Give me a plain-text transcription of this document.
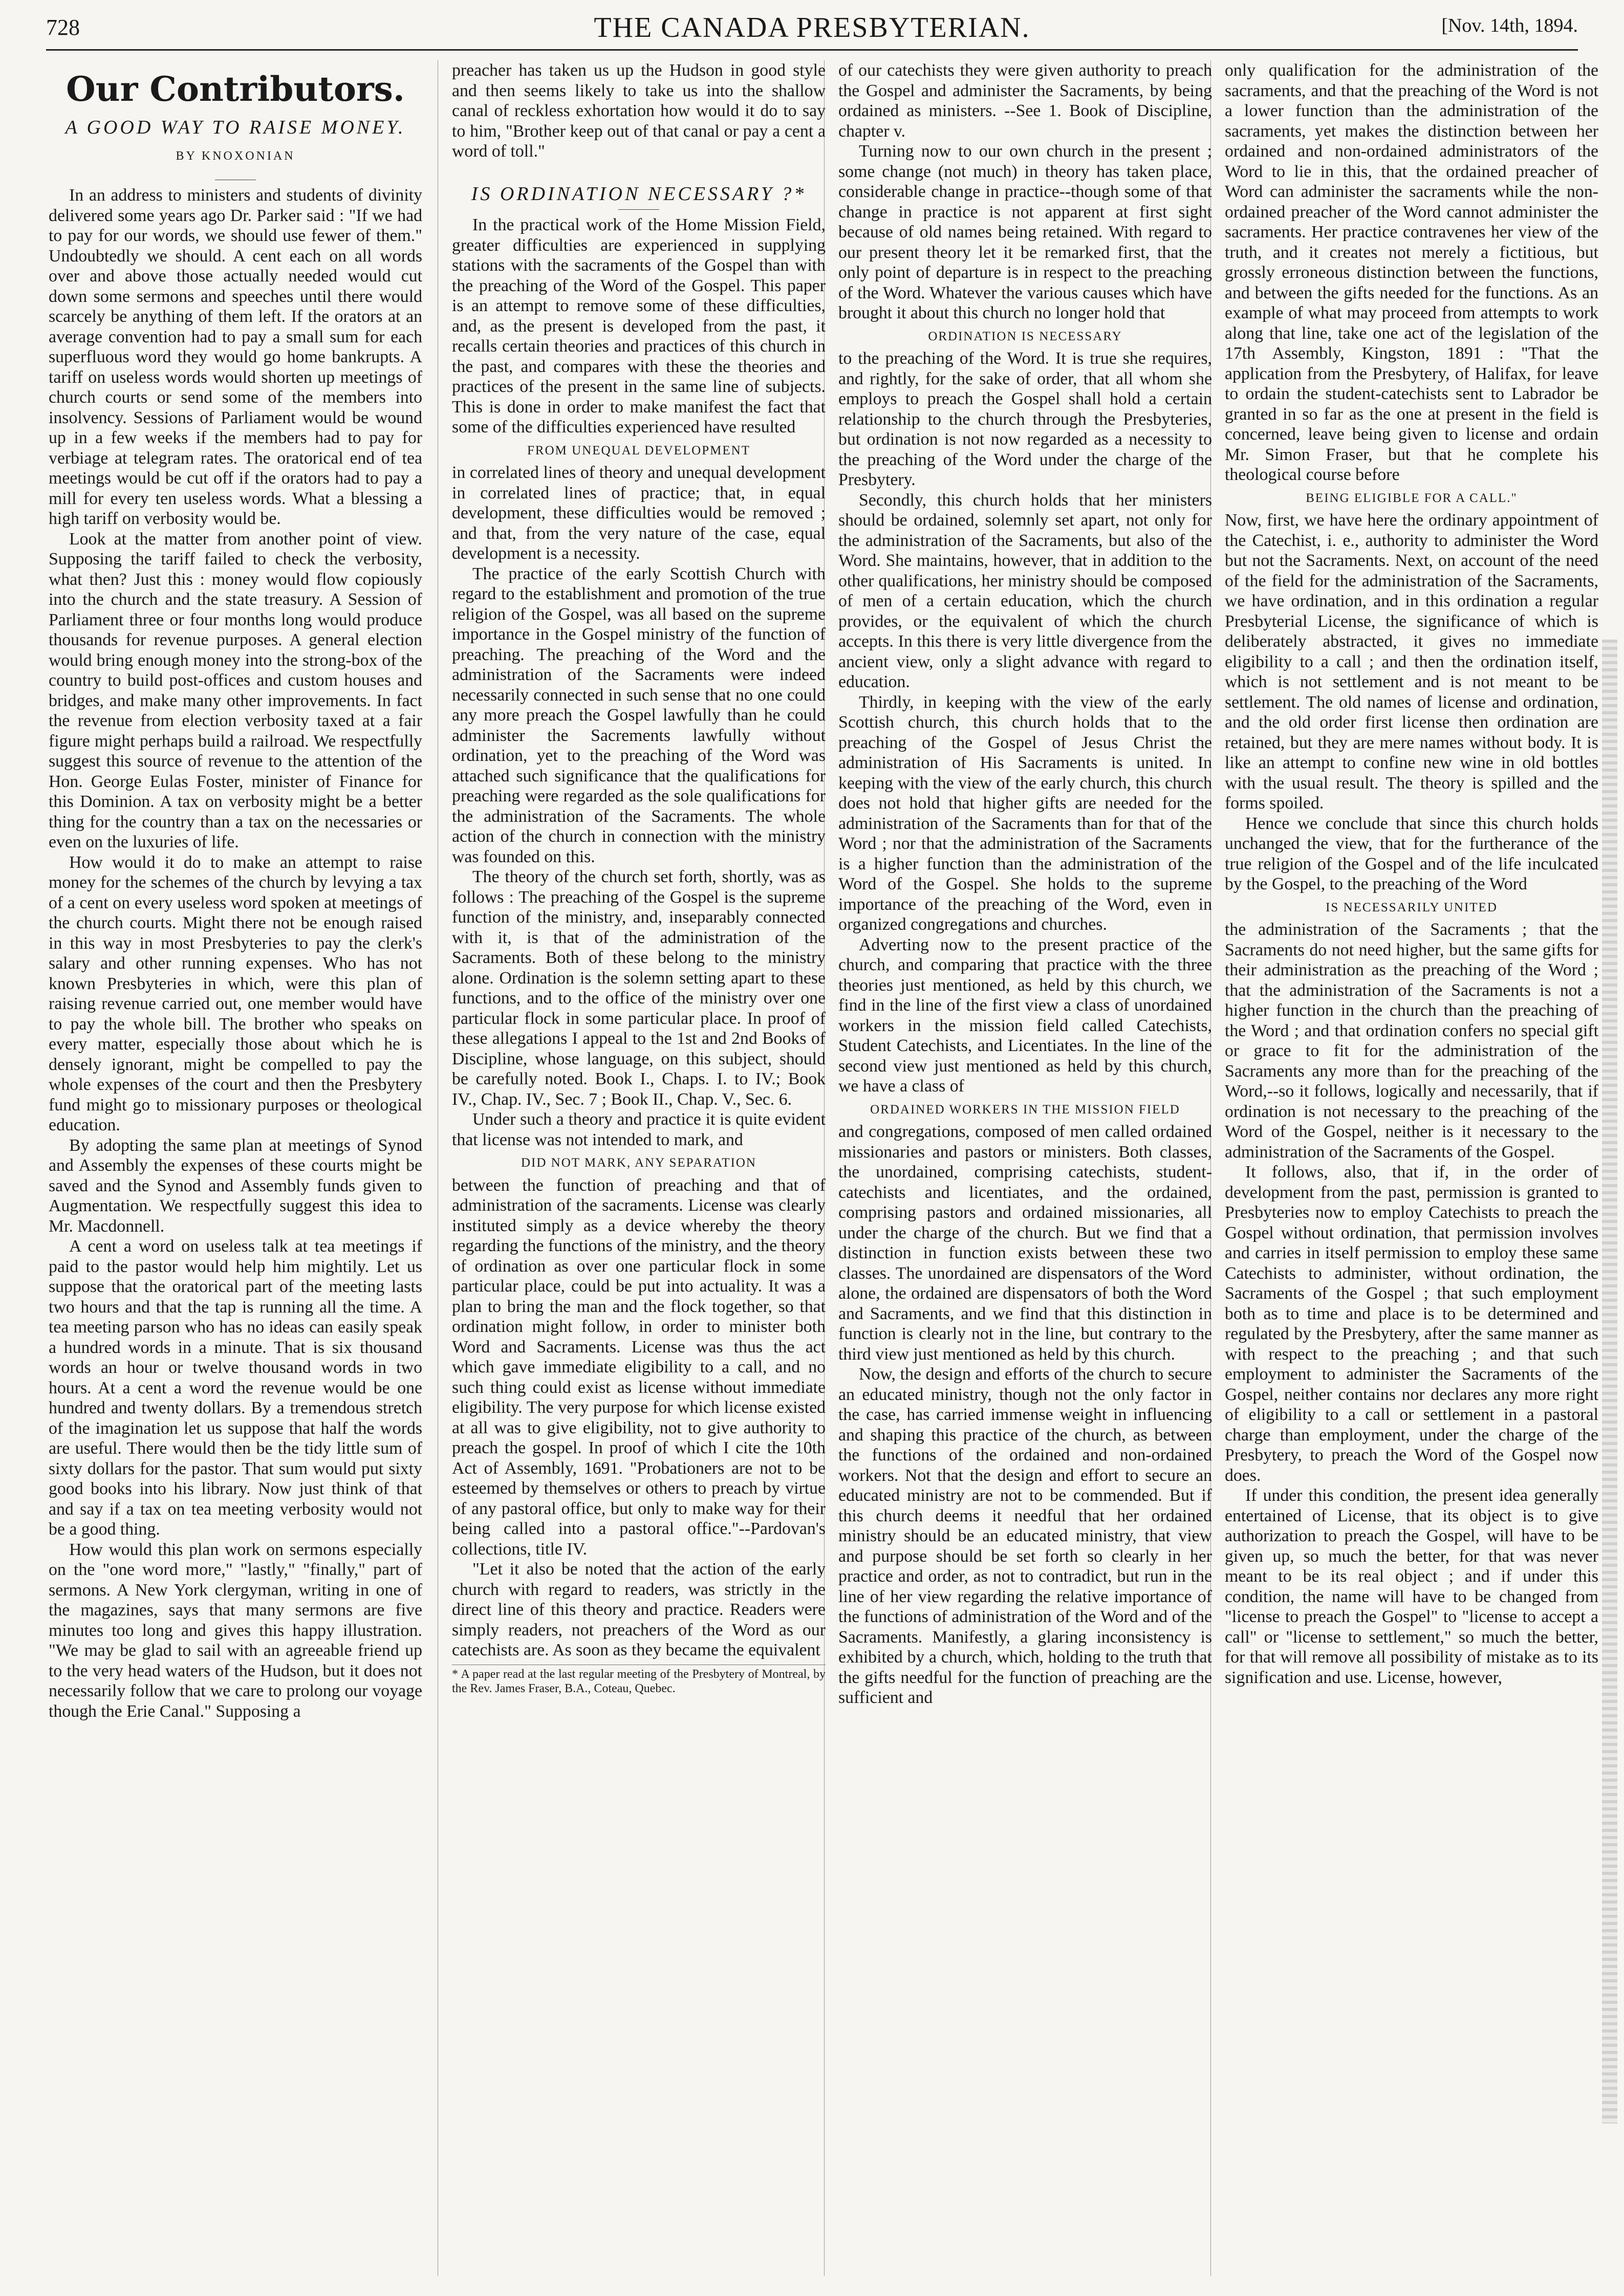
728	THE CANADA PRESBYTERIAN.	[Nov. 14th, 1894.
Our Contributors.
A GOOD WAY TO RAISE MONEY.
BY KNOXONIAN

In an address to ministers and students of divinity delivered some years ago Dr. Parker said : "If we had to pay for our words, we should use fewer of them." Undoubtedly we should. A cent each on all words over and above those actually needed would cut down some sermons and speeches until there would scarcely be anything of them left. If the orators at an average convention had to pay a small sum for each superfluous word they would go home bankrupts. A tariff on useless words would shorten up meetings of church courts or send some of the members into insolvency. Sessions of Parliament would be wound up in a few weeks if the members had to pay for verbiage at telegram rates. The oratorical end of tea meetings would be cut off if the orators had to pay a mill for every ten useless words. What a blessing a high tariff on verbosity would be.

Look at the matter from another point of view. Supposing the tariff failed to check the verbosity, what then? Just this : money would flow copiously into the church and the state treasury. A Session of Parliament three or four months long would produce thousands for revenue purposes. A general election would bring enough money into the strong-box of the country to build post-offices and custom houses and bridges, and make many other improvements. In fact the revenue from election verbosity taxed at a fair figure might perhaps build a railroad. We respectfully suggest this source of revenue to the attention of the Hon. George Eulas Foster, minister of Finance for this Dominion. A tax on verbosity might be a better thing for the country than a tax on the necessaries or even on the luxuries of life.

How would it do to make an attempt to raise money for the schemes of the church by levying a tax of a cent on every useless word spoken at meetings of the church courts. Might there not be enough raised in this way in most Presbyteries to pay the clerk's salary and other running expenses. Who has not known Presbyteries in which, were this plan of raising revenue carried out, one member would have to pay the whole bill. The brother who speaks on every matter, especially those about which he is densely ignorant, might be compelled to pay the whole expenses of the court and then the Presbytery fund might go to missionary purposes or theological education.

By adopting the same plan at meetings of Synod and Assembly the expenses of these courts might be saved and the Synod and Assembly funds given to Augmentation. We respectfully suggest this idea to Mr. Macdonnell.

A cent a word on useless talk at tea meetings if paid to the pastor would help him mightily. Let us suppose that the oratorical part of the meeting lasts two hours and that the tap is running all the time. A tea meeting parson who has no ideas can easily speak a hundred words in a minute. That is six thousand words an hour or twelve thousand words in two hours. At a cent a word the revenue would be one hundred and twenty dollars. By a tremendous stretch of the imagination let us suppose that half the words are useful. There would then be the tidy little sum of sixty dollars for the pastor. That sum would put sixty good books into his library. Now just think of that and say if a tax on tea meeting verbosity would not be a good thing.

How would this plan work on sermons especially on the "one word more," "lastly," "finally," part of sermons. A New York clergyman, writing in one of the magazines, says that many sermons are five minutes too long and gives this happy illustration. "We may be glad to sail with an agreeable friend up to the very head waters of the Hudson, but it does not necessarily follow that we care to prolong our voyage though the Erie Canal." Supposing a

preacher has taken us up the Hudson in good style and then seems likely to take us into the shallow canal of reckless exhortation how would it do to say to him, "Brother keep out of that canal or pay a cent a word of toll."

IS ORDINATION NECESSARY ?*

In the practical work of the Home Mission Field, greater difficulties are experienced in supplying stations with the sacraments of the Gospel than with the preaching of the Word of the Gospel. This paper is an attempt to remove some of these difficulties, and, as the present is developed from the past, it recalls certain theories and practices of this church in the past, and compares with these the theories and practices of the present in the same line of subjects. This is done in order to make manifest the fact that some of the difficulties experienced have resulted

FROM UNEQUAL DEVELOPMENT

in correlated lines of theory and unequal development in correlated lines of practice; that, in equal development, these difficulties would be removed ; and that, from the very nature of the case, equal development is a necessity.

The practice of the early Scottish Church with regard to the establishment and promotion of the true religion of the Gospel, was all based on the supreme importance in the Gospel ministry of the function of preaching. The preaching of the Word and the administration of the Sacraments were indeed necessarily connected in such sense that no one could any more preach the Gospel lawfully than he could administer the Sacrements lawfully without ordination, yet to the preaching of the Word was attached such significance that the qualifications for preaching were regarded as the sole qualifications for the administration of the Sacraments. The whole action of the church in connection with the ministry was founded on this.

The theory of the church set forth, shortly, was as follows : The preaching of the Gospel is the supreme function of the ministry, and, inseparably connected with it, is that of the administration of the Sacraments. Both of these belong to the ministry alone. Ordination is the solemn setting apart to these functions, and to the office of the ministry over one particular flock in some particular place. In proof of these allegations I appeal to the 1st and 2nd Books of Discipline, whose language, on this subject, should be carefully noted. Book I., Chaps. I. to IV.; Book IV., Chap. IV., Sec. 7 ; Book II., Chap. V., Sec. 6.

Under such a theory and practice it is quite evident that license was not intended to mark, and

DID NOT MARK, ANY SEPARATION

between the function of preaching and that of administration of the sacraments. License was clearly instituted simply as a device whereby the theory regarding the functions of the ministry, and the theory of ordination as over one particular flock in some particular place, could be put into actuality. It was a plan to bring the man and the flock together, so that ordination might follow, in order to minister both Word and Sacraments. License was thus the act which gave immediate eligibility to a call, and no such thing could exist as license without immediate eligibility. The very purpose for which license existed at all was to give eligibility, not to give authority to preach the gospel. In proof of which I cite the 10th Act of Assembly, 1691. "Probationers are not to be esteemed by themselves or others to preach by virtue of any pastoral office, but only to make way for their being called into a pastoral office."--Pardovan's collections, title IV.

"Let it also be noted that the action of the early church with regard to readers, was strictly in the direct line of this theory and practice. Readers were simply readers, not preachers of the Word as our catechists are. As soon as they became the equivalent

* A paper read at the last regular meeting of the Presbytery of Montreal, by the Rev. James Fraser, B.A., Coteau, Quebec.

of our catechists they were given authority to preach the Gospel and administer the Sacraments, by being ordained as ministers. --See 1. Book of Discipline, chapter v.

Turning now to our own church in the present ; some change (not much) in theory has taken place, considerable change in practice--though some of that change in practice is not apparent at first sight because of old names being retained. With regard to our present theory let it be remarked first, that the only point of departure is in respect to the preaching of the Word. Whatever the various causes which have brought it about this church no longer hold that

ORDINATION IS NECESSARY

to the preaching of the Word. It is true she requires, and rightly, for the sake of order, that all whom she employs to preach the Gospel shall hold a certain relationship to the church through the Presbyteries, but ordination is not now regarded as a necessity to the preaching of the Word under the charge of the Presbytery.

Secondly, this church holds that her ministers should be ordained, solemnly set apart, not only for the administration of the Sacraments, but also of the Word. She maintains, however, that in addition to the other qualifications, her ministry should be composed of men of a certain education, which the church provides, or the equivalent of which the church accepts. In this there is very little divergence from the ancient view, only a slight advance with regard to education.

Thirdly, in keeping with the view of the early Scottish church, this church holds that to the preaching of the Gospel of Jesus Christ the administration of His Sacraments is united. In keeping with the view of the early church, this church does not hold that higher gifts are needed for the administration of the Sacraments than for that of the Word ; nor that the administration of the Sacraments is a higher function than the administration of the Word of the Gospel. She holds to the supreme importance of the preaching of the Word, even in organized congregations and churches.

Adverting now to the present practice of the church, and comparing that practice with the three theories just mentioned, as held by this church, we find in the line of the first view a class of unordained workers in the mission field called Catechists, Student Catechists, and Licentiates. In the line of the second view just mentioned as held by this church, we have a class of

ORDAINED WORKERS IN THE MISSION FIELD

and congregations, composed of men called ordained missionaries and pastors or ministers. Both classes, the unordained, comprising catechists, student-catechists and licentiates, and the ordained, comprising pastors and ordained missionaries, all under the charge of the church. But we find that a distinction in function exists between these two classes. The unordained are dispensators of the Word alone, the ordained are dispensators of both the Word and Sacraments, and we find that this distinction in function is clearly not in the line, but contrary to the third view just mentioned as held by this church.

Now, the design and efforts of the church to secure an educated ministry, though not the only factor in the case, has carried immense weight in influencing and shaping this practice of the church, as between the functions of the ordained and non-ordained workers. Not that the design and effort to secure an educated ministry are not to be commended. But if this church deems it needful that her ordained ministry should be an educated ministry, that view and purpose should be set forth so clearly in her practice and order, as not to contradict, but run in the line of her view regarding the relative importance of the functions of administration of the Word and of the Sacraments. Manifestly, a glaring inconsistency is exhibited by a church, which, holding to the truth that the gifts needful for the function of preaching are the sufficient and

only qualification for the administration of the sacraments, and that the preaching of the Word is not a lower function than the administration of the sacraments, yet makes the distinction between her ordained and non-ordained administrators of the Word to lie in this, that the ordained preacher of Word can administer the sacraments while the non-ordained preacher of the Word cannot administer the sacraments. Her practice contravenes her view of the truth, and it creates not merely a fictitious, but grossly erroneous distinction between the functions, and between the gifts needed for the functions. As an example of what may proceed from attempts to work along that line, take one act of the legislation of the 17th Assembly, Kingston, 1891 : "That the application from the Presbytery, of Halifax, for leave to ordain the student-catechists sent to Labrador be granted in so far as the one at present in the field is concerned, leave being given to license and ordain Mr. Simon Fraser, but that he complete his theological course before

BEING ELIGIBLE FOR A CALL."

Now, first, we have here the ordinary appointment of the Catechist, i. e., authority to administer the Word but not the Sacraments. Next, on account of the need of the field for the administration of the Sacraments, we have ordination, and in this ordination a regular Presbyterial License, the significance of which is deliberately abstracted, it gives no immediate eligibility to a call ; and then the ordination itself, which is not settlement and is not meant to be settlement. The old names of license and ordination, and the old order first license then ordination are retained, but they are mere names without body. It is like an attempt to confine new wine in old bottles with the usual result. The theory is spilled and the forms spoiled.

Hence we conclude that since this church holds unchanged the view, that for the furtherance of the true religion of the Gospel and of the life inculcated by the Gospel, to the preaching of the Word

IS NECESSARILY UNITED

the administration of the Sacraments ; that the Sacraments do not need higher, but the same gifts for their administration as the preaching of the Word ; that the administration of the Sacraments is not a higher function in the church than the preaching of the Word ; and that ordination confers no special gift or grace to fit for the administration of the Sacraments any more than for the preaching of the Word,--so it follows, logically and necessarily, that if ordination is not necessary to the preaching of the Word of the Gospel, neither is it necessary to the administration of the Sacraments of the Gospel.

It follows, also, that if, in the order of development from the past, permission is granted to Presbyteries now to employ Catechists to preach the Gospel without ordination, that permission involves and carries in itself permission to employ these same Catechists to administer, without ordination, the Sacraments of the Gospel ; that such employment both as to time and place is to be determined and regulated by the Presbytery, after the same manner as with respect to the preaching ; and that such employment to administer the Sacraments of the Gospel, neither contains nor declares any more right of eligibility to a call or settlement in a pastoral charge than employment, under the charge of the Presbytery, to preach the Word of the Gospel now does.

If under this condition, the present idea generally entertained of License, that its object is to give authorization to preach the Gospel, will have to be given up, so much the better, for that was never meant to be its real object ; and if under this condition, the name will have to be changed from "license to preach the Gospel" to "license to accept a call" or "license to settlement," so much the better, for that will remove all possibility of mistake as to its signification and use. License, however,
